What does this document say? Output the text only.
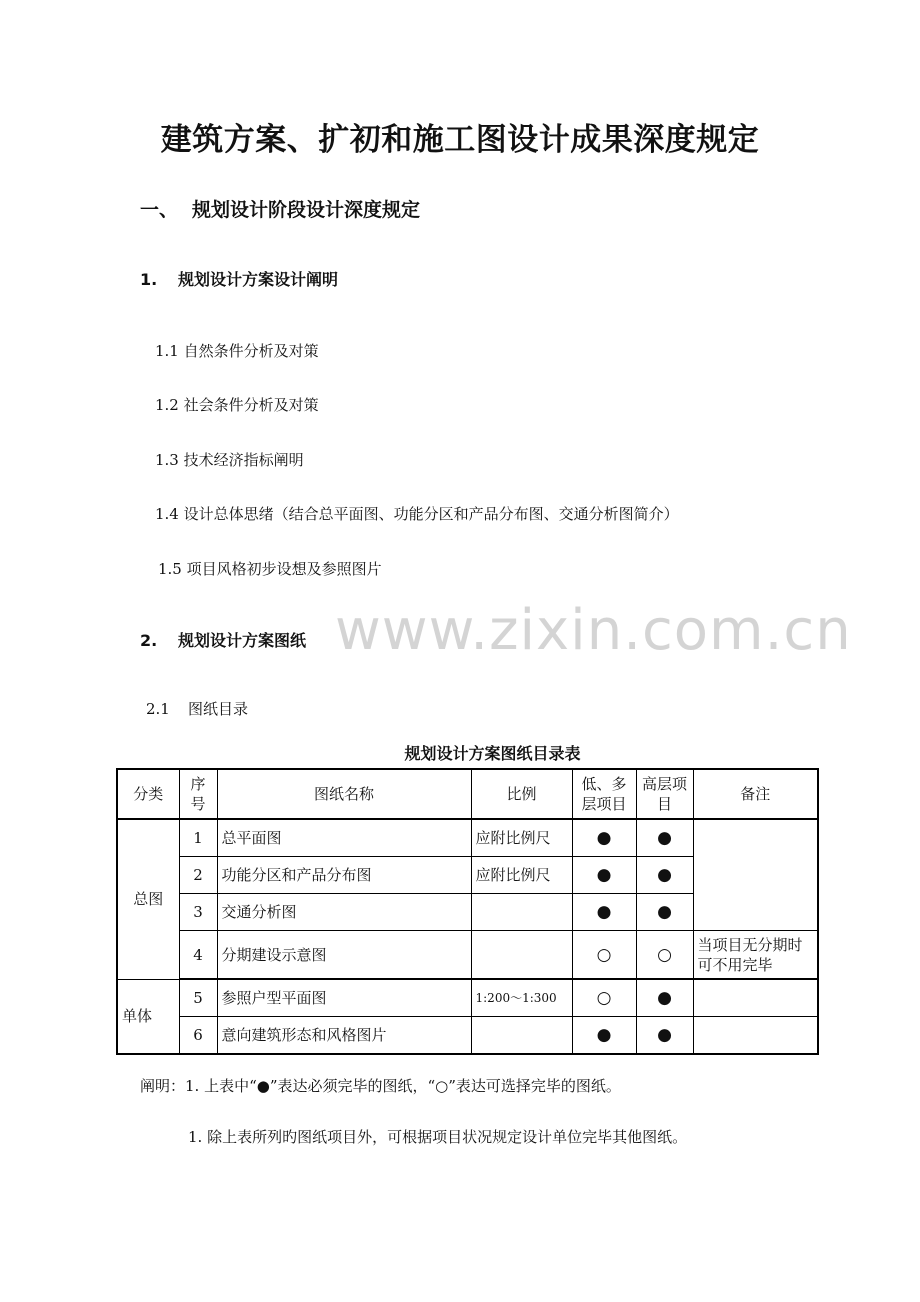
建筑方案、扩初和施工图设计成果深度规定
一、 规划设计阶段设计深度规定
1. 规划设计方案设计阐明
1.1 自然条件分析及对策
1.2 社会条件分析及对策
1.3 技术经济指标阐明
1.4 设计总体思绪（结合总平面图、功能分区和产品分布图、交通分析图简介）
1.5 项目风格初步设想及参照图片
www.zixin.com.cn
2. 规划设计方案图纸
2.1 图纸目录
规划设计方案图纸目录表
分类	序号	图纸名称	比例	低、多层项目	高层项目	备注
总图	1	总平面图	应附比例尺	●	●	
	2	功能分区和产品分布图	应附比例尺	●	●	
	3	交通分析图		●	●	
	4	分期建设示意图		○	○	当项目无分期时可不用完毕
单体	5	参照户型平面图	1:200～1:300	○	●	
	6	意向建筑形态和风格图片		●	●	
阐明：1. 上表中“●”表达必须完毕的图纸，“○”表达可选择完毕的图纸。
1. 除上表所列旳图纸项目外，可根据项目状况规定设计单位完毕其他图纸。
